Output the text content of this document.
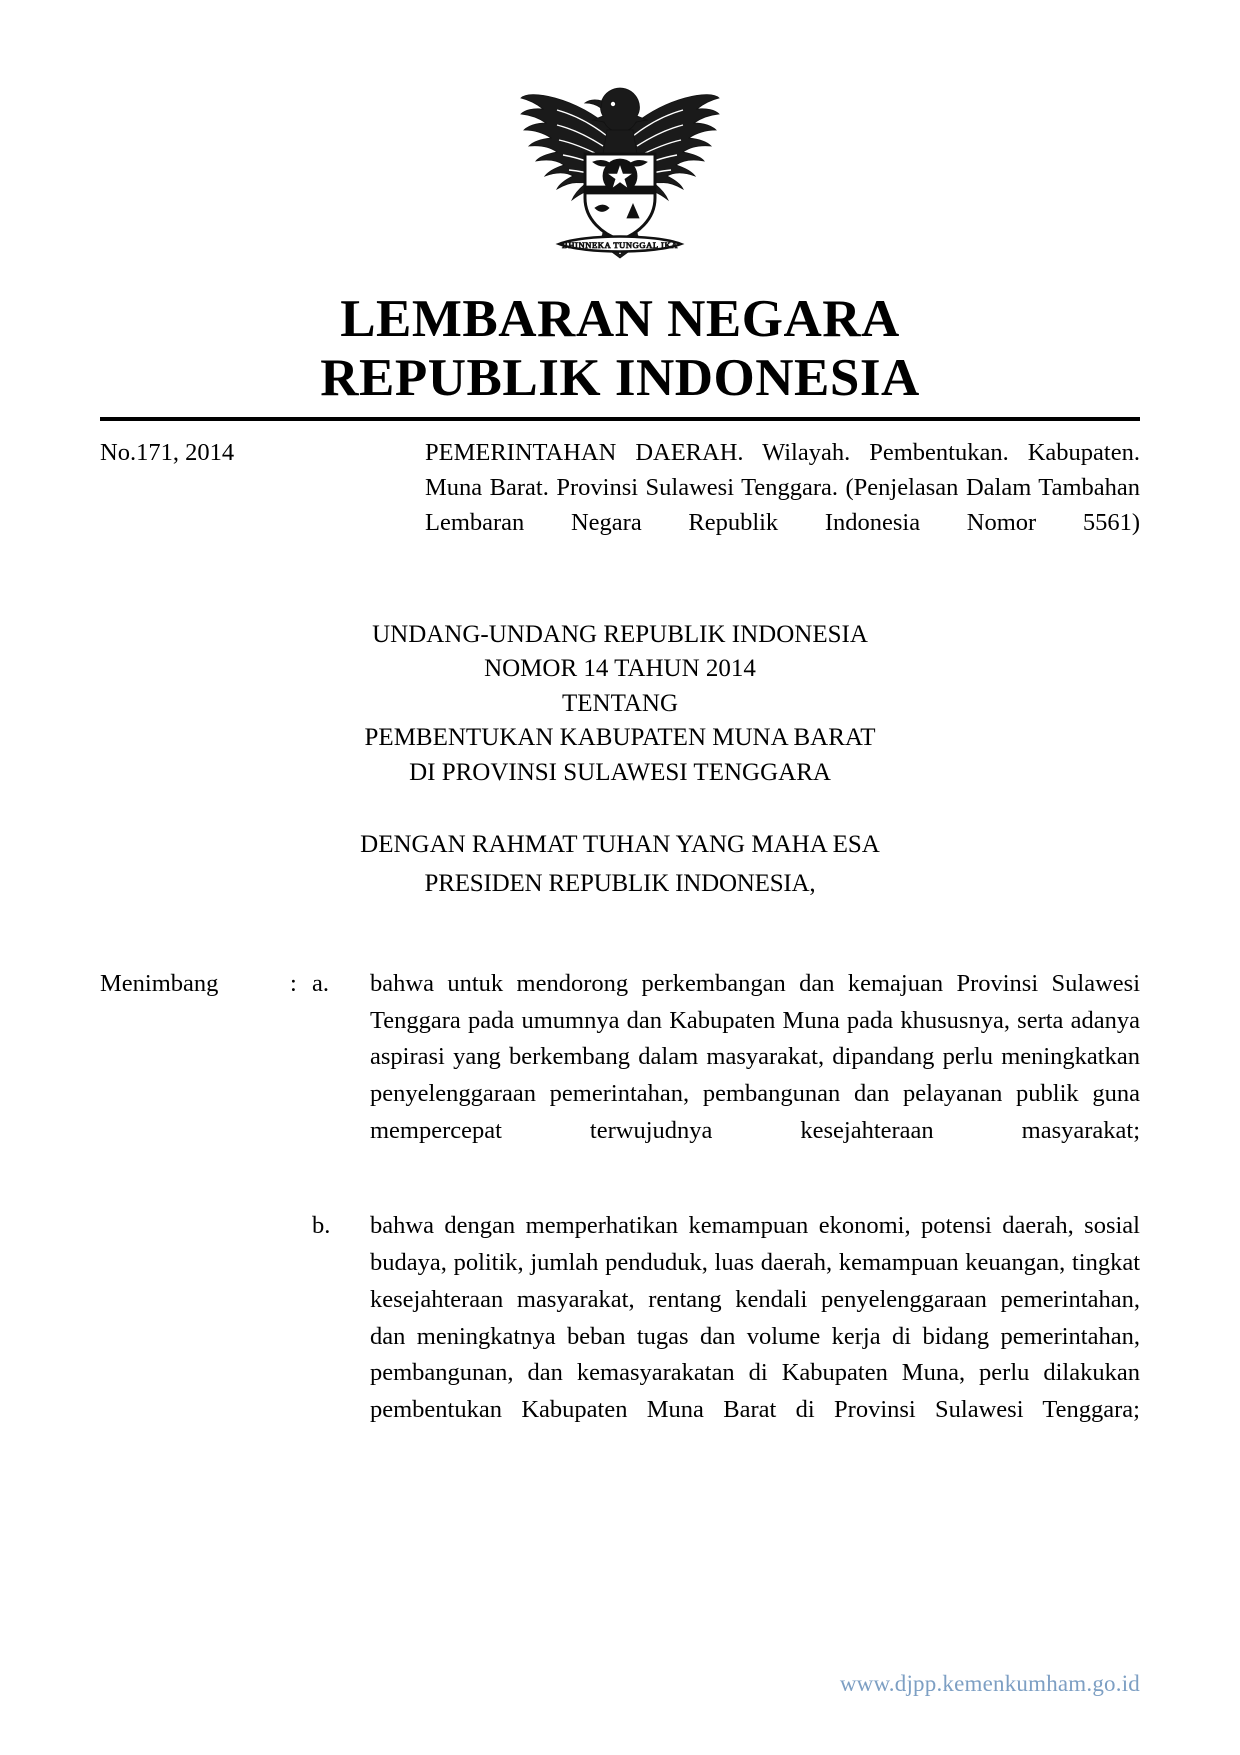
BHINNEKA TUNGGAL IKA
LEMBARAN NEGARA
REPUBLIK INDONESIA
No.171, 2014	PEMERINTAHAN DAERAH. Wilayah. Pembentukan. Kabupaten. Muna Barat. Provinsi Sulawesi Tenggara. (Penjelasan Dalam Tambahan Lembaran Negara Republik Indonesia Nomor 5561)
UNDANG-UNDANG REPUBLIK INDONESIA
NOMOR 14 TAHUN 2014
TENTANG
PEMBENTUKAN KABUPATEN MUNA BARAT
DI PROVINSI SULAWESI TENGGARA
DENGAN RAHMAT TUHAN YANG MAHA ESA
PRESIDEN REPUBLIK INDONESIA,
Menimbang	: a.	bahwa untuk mendorong perkembangan dan kemajuan Provinsi Sulawesi Tenggara pada umumnya dan Kabupaten Muna pada khususnya, serta adanya aspirasi yang berkembang dalam masyarakat, dipandang perlu meningkatkan penyelenggaraan pemerintahan, pembangunan dan pelayanan publik guna mempercepat terwujudnya kesejahteraan masyarakat;
b.	bahwa dengan memperhatikan kemampuan ekonomi, potensi daerah, sosial budaya, politik, jumlah penduduk, luas daerah, kemampuan keuangan, tingkat kesejahteraan masyarakat, rentang kendali penyelenggaraan pemerintahan, dan meningkatnya beban tugas dan volume kerja di bidang pemerintahan, pembangunan, dan kemasyarakatan di Kabupaten Muna, perlu dilakukan pembentukan Kabupaten Muna Barat di Provinsi Sulawesi Tenggara;
www.djpp.kemenkumham.go.id
